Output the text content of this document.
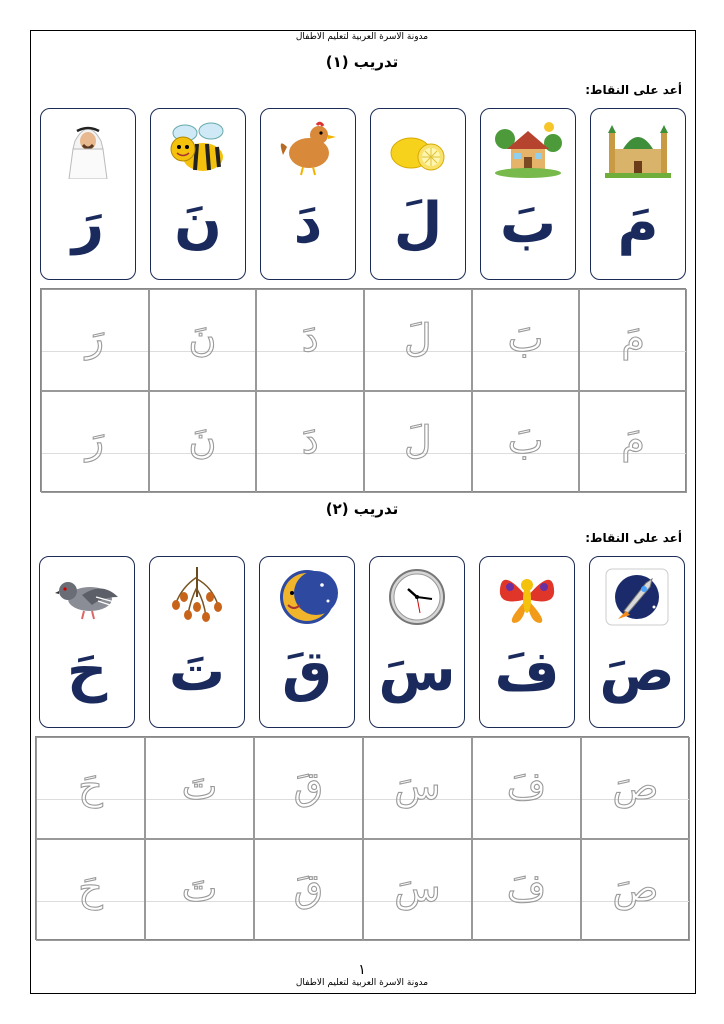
مدونة الاسرة العربية لتعليم الاطفال
تدريب (١)
أعد على النقاط:
مَ
بَ
لَ
دَ
نَ
رَ
رَ	نَ	دَ	لَ	بَ	مَ
رَ	نَ	دَ	لَ	بَ	مَ
تدريب (٢)
أعد على النقاط:
صَ
فَ
سَ
قَ
تَ
حَ
حَ	تَ	قَ	سَ	فَ	صَ
حَ	تَ	قَ	سَ	فَ	صَ
١
مدونة الاسرة العربية لتعليم الاطفال
